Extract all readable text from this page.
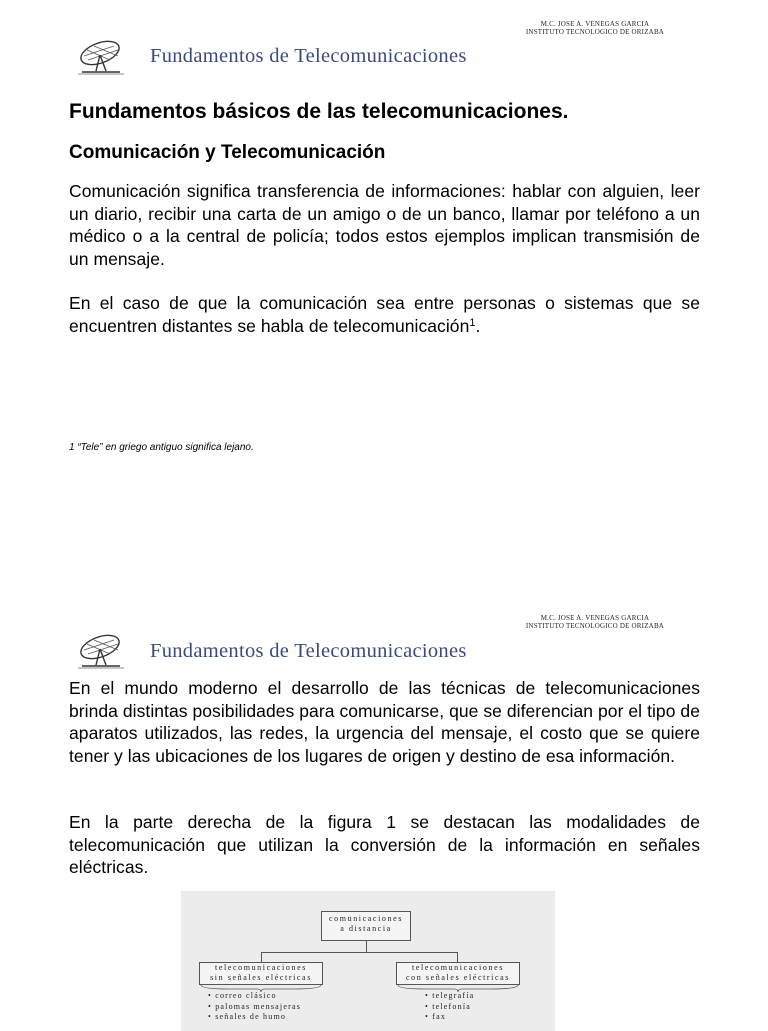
M.C. JOSE A. VENEGAS GARCIA
INSTITUTO TECNOLOGICO DE ORIZABA
Fundamentos de Telecomunicaciones
Fundamentos básicos de las telecomunicaciones.
Comunicación y Telecomunicación
Comunicación significa transferencia de informaciones: hablar con alguien, leer un diario, recibir una carta de un amigo o de un banco, llamar por teléfono a un médico o a la central de policía; todos estos ejemplos implican transmisión de un mensaje.
En el caso de que la comunicación sea entre personas o sistemas que se encuentren distantes se habla de telecomunicación$^1$.
1 “Tele” en griego antiguo significa lejano.
M.C. JOSE A. VENEGAS GARCIA
INSTITUTO TECNOLOGICO DE ORIZABA
Fundamentos de Telecomunicaciones
En el mundo moderno el desarrollo de las técnicas de telecomunicaciones brinda distintas posibilidades para comunicarse, que se diferencian por el tipo de aparatos utilizados, las redes, la urgencia del mensaje, el costo que se quiere tener y las ubicaciones de los lugares de origen y destino de esa información.
En la parte derecha de la figura 1 se destacan las modalidades de telecomunicación que utilizan la conversión de la información en señales eléctricas.
comunicaciones
a distancia
telecomunicaciones
sin señales eléctricas
telecomunicaciones
con señales eléctricas
• correo clásico
• palomas mensajeras
• señales de humo
• telegrafía
• telefonía
• fax
